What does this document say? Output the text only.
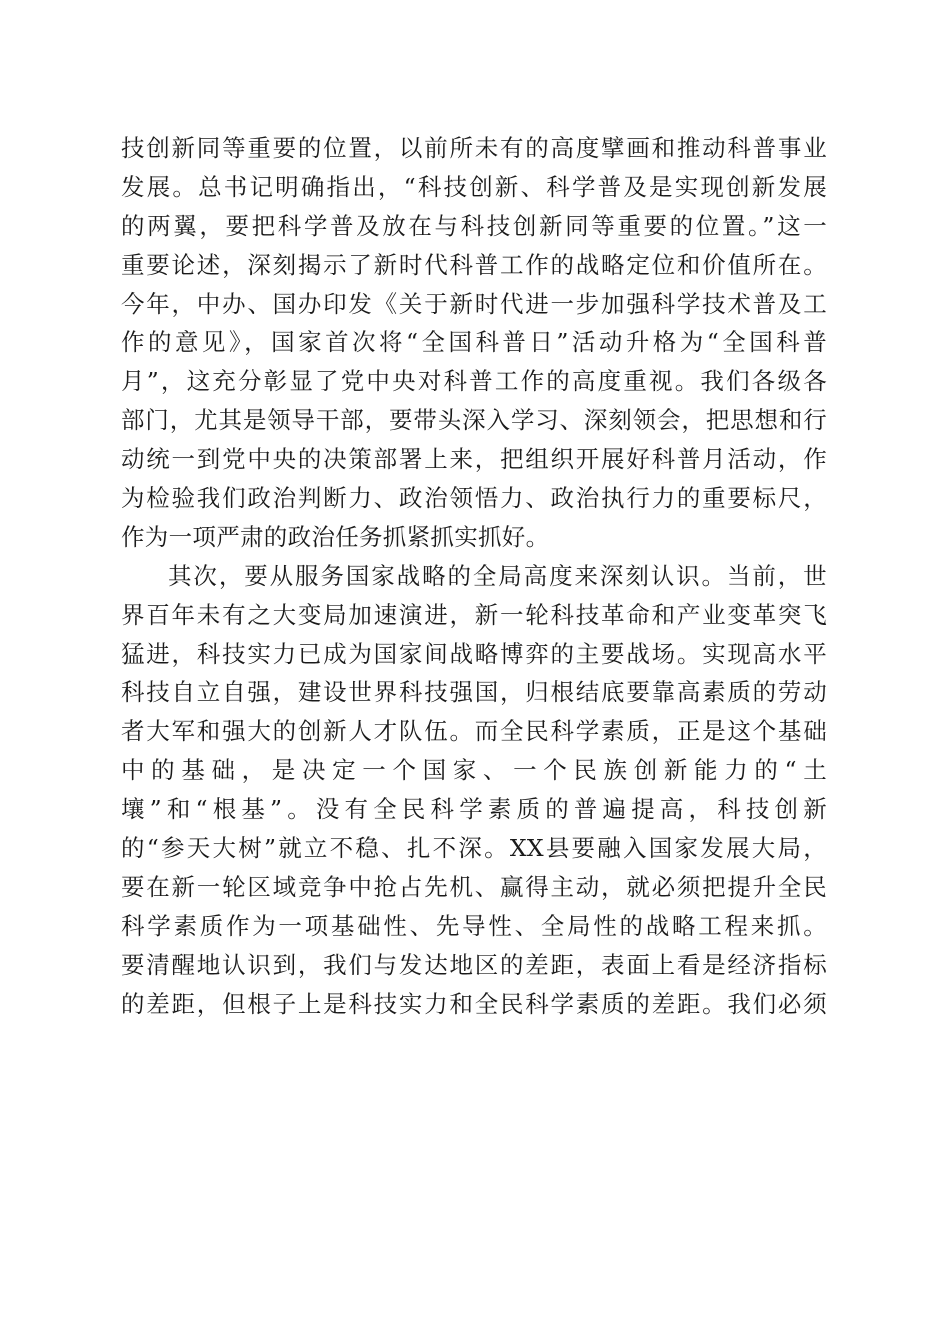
技创新同等重要的位置，以前所未有的高度擘画和推动科普事业
发展。总书记明确指出，“科技创新、科学普及是实现创新发展
的两翼，要把科学普及放在与科技创新同等重要的位置。”这一
重要论述，深刻揭示了新时代科普工作的战略定位和价值所在。
今年，中办、国办印发《关于新时代进一步加强科学技术普及工
作的意见》，国家首次将“全国科普日”活动升格为“全国科普
月”，这充分彰显了党中央对科普工作的高度重视。我们各级各
部门，尤其是领导干部，要带头深入学习、深刻领会，把思想和行
动统一到党中央的决策部署上来，把组织开展好科普月活动，作
为检验我们政治判断力、政治领悟力、政治执行力的重要标尺，
作为一项严肃的政治任务抓紧抓实抓好。
其次，要从服务国家战略的全局高度来深刻认识。当前，世
界百年未有之大变局加速演进，新一轮科技革命和产业变革突飞
猛进，科技实力已成为国家间战略博弈的主要战场。实现高水平
科技自立自强，建设世界科技强国，归根结底要靠高素质的劳动
者大军和强大的创新人才队伍。而全民科学素质，正是这个基础
中的基础，是决定一个国家、一个民族创新能力的“土
壤”和“根基”。没有全民科学素质的普遍提高，科技创新
的“参天大树”就立不稳、扎不深。XX县要融入国家发展大局，
要在新一轮区域竞争中抢占先机、赢得主动，就必须把提升全民
科学素质作为一项基础性、先导性、全局性的战略工程来抓。
要清醒地认识到，我们与发达地区的差距，表面上看是经济指标
的差距，但根子上是科技实力和全民科学素质的差距。我们必须
